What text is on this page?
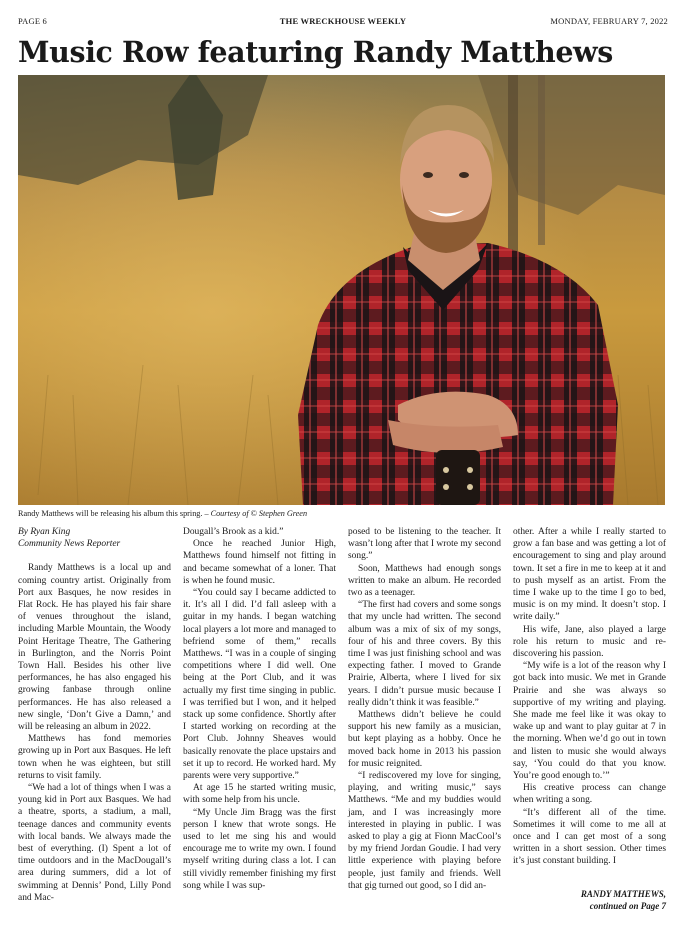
PAGE 6	THE WRECKHOUSE WEEKLY	MONDAY, FEBRUARY 7, 2022
Music Row featuring Randy Matthews
Randy Matthews will be releasing his album this spring. – Courtesy of © Stephen Green

By Ryan King

Community News Reporter

Randy Matthews is a local up and coming country artist. Originally from Port aux Basques, he now resides in Flat Rock. He has played his fair share of venues throughout the island, including Marble Mountain, the Woody Point Heritage Theatre, The Gathering in Burlington, and the Norris Point Town Hall. Besides his other live performances, he has also engaged his growing fanbase through online performances. He has also released a new single, ‘Don’t Give a Damn,’ and will be releasing an album in 2022.

Matthews has fond memories growing up in Port aux Basques. He left town when he was eighteen, but still returns to visit family.

“We had a lot of things when I was a young kid in Port aux Basques. We had a theatre, sports, a stadium, a mall, teenage dances and community events with local bands. We always made the best of everything. (I) Spent a lot of time outdoors and in the MacDougall’s area during summers, did a lot of swimming at Dennis’ Pond, Lilly Pond and Mac-

Dougall’s Brook as a kid.”

Once he reached Junior High, Matthews found himself not fitting in and became somewhat of a loner. That is when he found music.

“You could say I became addicted to it. It’s all I did. I’d fall asleep with a guitar in my hands. I began watching local players a lot more and managed to befriend some of them,” recalls Matthews. “I was in a couple of singing competitions where I did well. One being at the Port Club, and it was actually my first time singing in public. I was terrified but I won, and it helped stack up some confidence. Shortly after I started working on recording at the Port Club. Johnny Sheaves would basically renovate the place upstairs and set it up to record. He worked hard. My parents were very supportive.”

At age 15 he started writing music, with some help from his uncle.

“My Uncle Jim Bragg was the first person I knew that wrote songs. He used to let me sing his and would encourage me to write my own. I found myself writing during class a lot. I can still vividly remember finishing my first song while I was sup-

posed to be listening to the teacher. It wasn’t long after that I wrote my second song.”

Soon, Matthews had enough songs written to make an album. He recorded two as a teenager.

“The first had covers and some songs that my uncle had written. The second album was a mix of six of my songs, four of his and three covers. By this time I was just finishing school and was expecting father. I moved to Grande Prairie, Alberta, where I lived for six years. I didn’t pursue music because I really didn’t think it was feasible.”

Matthews didn’t believe he could support his new family as a musician, but kept playing as a hobby. Once he moved back home in 2013 his passion for music reignited.

“I rediscovered my love for singing, playing, and writing music,” says Matthews. “Me and my buddies would jam, and I was increasingly more interested in playing in public. I was asked to play a gig at Fionn MacCool’s by my friend Jordan Goudie. I had very little experience with playing before people, just family and friends. Well that gig turned out good, so I did an-

other. After a while I really started to grow a fan base and was getting a lot of encouragement to sing and play around town. It set a fire in me to keep at it and to push myself as an artist. From the time I wake up to the time I go to bed, music is on my mind. It doesn’t stop. I write daily.”

His wife, Jane, also played a large role his return to music and re-discovering his passion.

“My wife is a lot of the reason why I got back into music. We met in Grande Prairie and she was always so supportive of my writing and playing. She made me feel like it was okay to wake up and want to play guitar at 7 in the morning. When we’d go out in town and listen to music she would always say, ‘You could do that you know. You’re good enough to.’”

His creative process can change when writing a song.

“It’s different all of the time. Sometimes it will come to me all at once and I can get most of a song written in a short session. Other times it’s just constant building. I

RANDY MATTHEWS,
continued on Page 7
